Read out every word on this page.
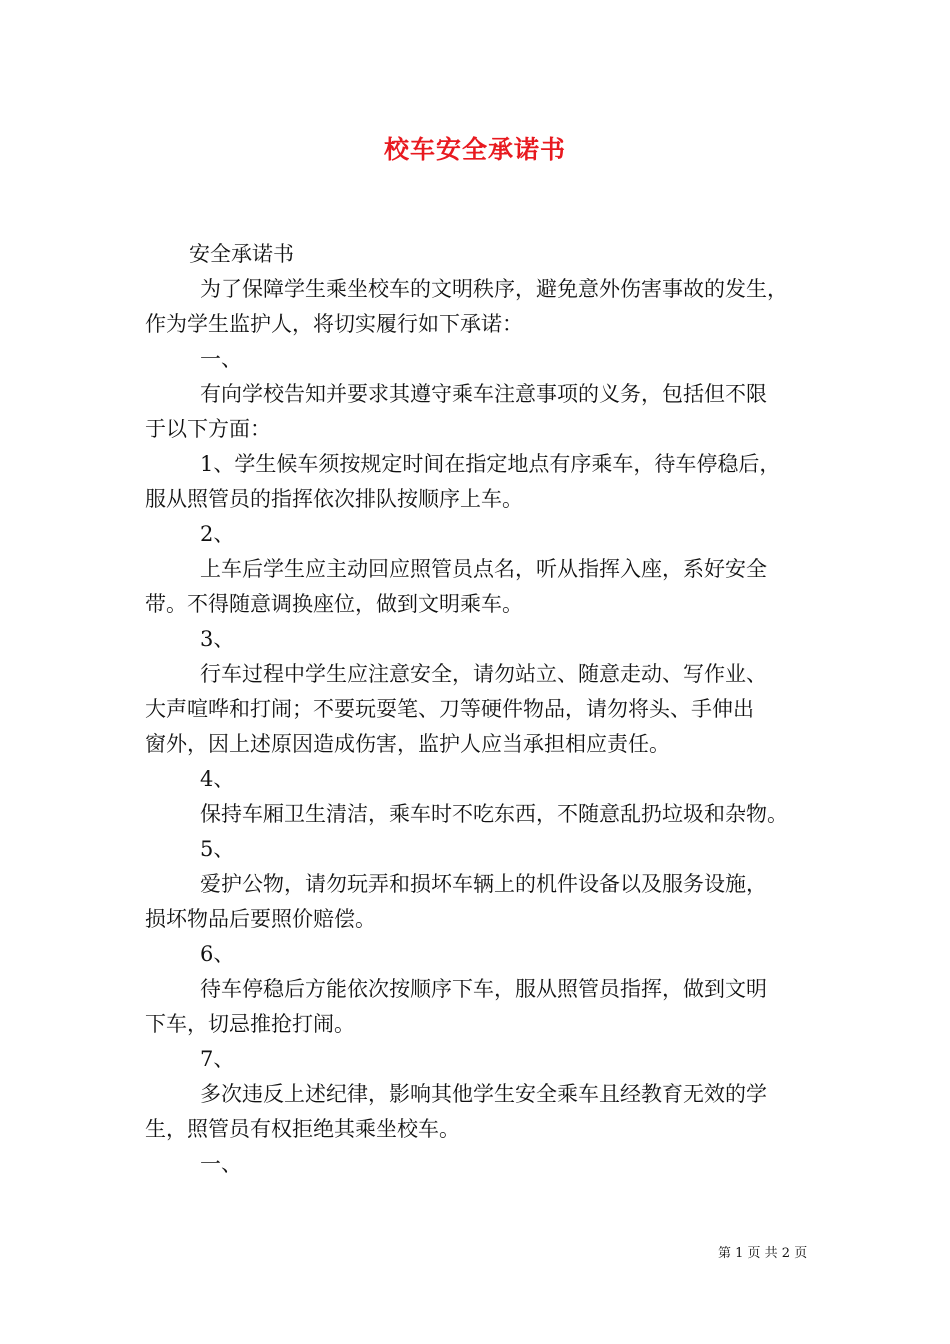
校车安全承诺书
安全承诺书
为了保障学生乘坐校车的文明秩序，避免意外伤害事故的发生，
作为学生监护人，将切实履行如下承诺：
一、
有向学校告知并要求其遵守乘车注意事项的义务，包括但不限
于以下方面：
1、学生候车须按规定时间在指定地点有序乘车，待车停稳后，
服从照管员的指挥依次排队按顺序上车。
2、
上车后学生应主动回应照管员点名，听从指挥入座，系好安全
带。不得随意调换座位，做到文明乘车。
3、
行车过程中学生应注意安全，请勿站立、随意走动、写作业、
大声喧哗和打闹；不要玩耍笔、刀等硬件物品，请勿将头、手伸出
窗外，因上述原因造成伤害，监护人应当承担相应责任。
4、
保持车厢卫生清洁，乘车时不吃东西，不随意乱扔垃圾和杂物。
5、
爱护公物，请勿玩弄和损坏车辆上的机件设备以及服务设施，
损坏物品后要照价赔偿。
6、
待车停稳后方能依次按顺序下车，服从照管员指挥，做到文明
下车，切忌推抢打闹。
7、
多次违反上述纪律，影响其他学生安全乘车且经教育无效的学
生，照管员有权拒绝其乘坐校车。
一、
第 1 页 共 2 页
